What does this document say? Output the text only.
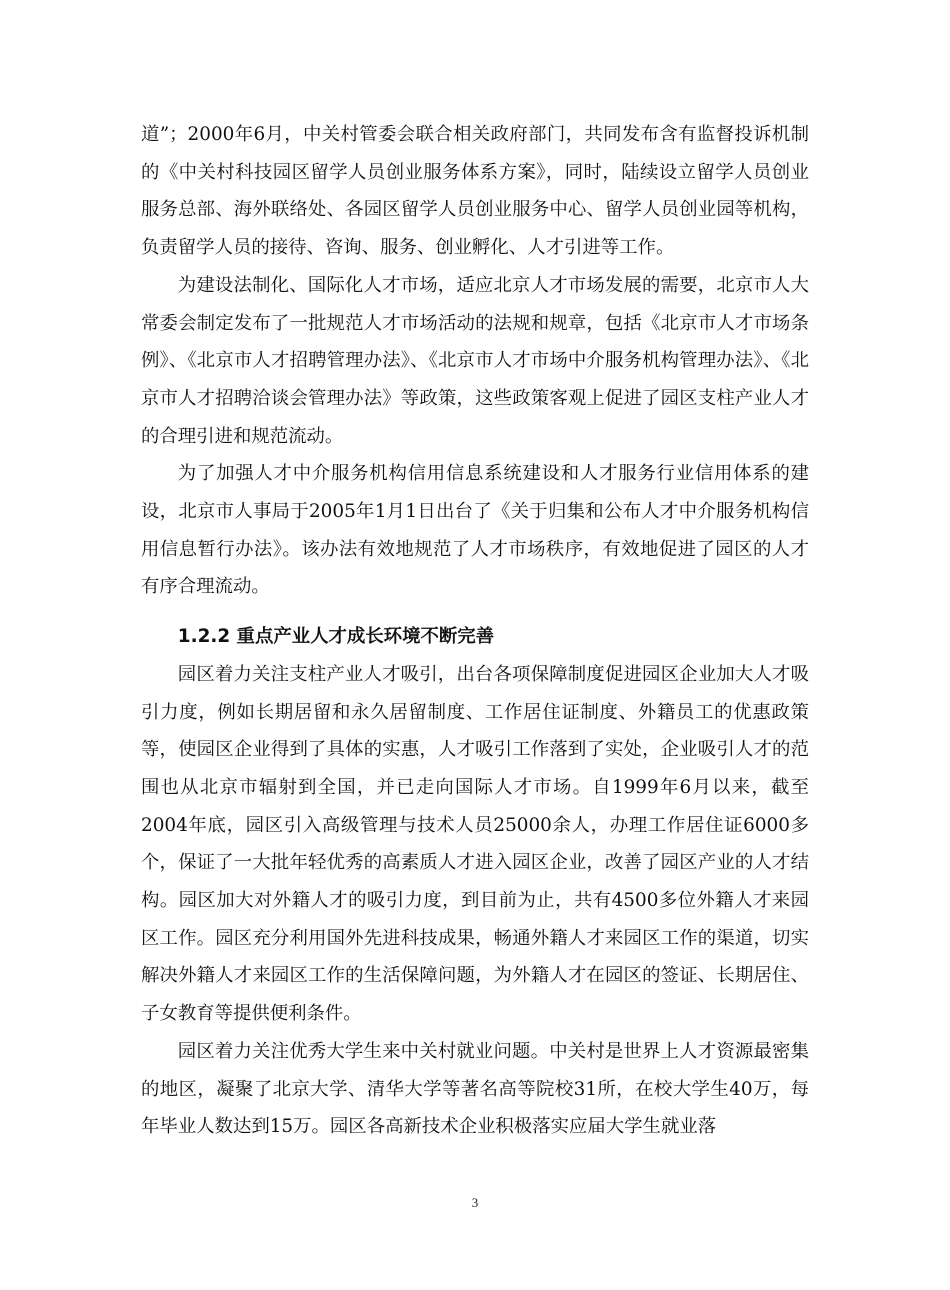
道”；2000年6月，中关村管委会联合相关政府部门，共同发布含有监督投诉机制的《中关村科技园区留学人员创业服务体系方案》，同时，陆续设立留学人员创业服务总部、海外联络处、各园区留学人员创业服务中心、留学人员创业园等机构，负责留学人员的接待、咨询、服务、创业孵化、人才引进等工作。

为建设法制化、国际化人才市场，适应北京人才市场发展的需要，北京市人大常委会制定发布了一批规范人才市场活动的法规和规章，包括《北京市人才市场条例》、《北京市人才招聘管理办法》、《北京市人才市场中介服务机构管理办法》、《北京市人才招聘洽谈会管理办法》等政策，这些政策客观上促进了园区支柱产业人才的合理引进和规范流动。

为了加强人才中介服务机构信用信息系统建设和人才服务行业信用体系的建设，北京市人事局于2005年1月1日出台了《关于归集和公布人才中介服务机构信用信息暂行办法》。该办法有效地规范了人才市场秩序，有效地促进了园区的人才有序合理流动。

1.2.2 重点产业人才成长环境不断完善

园区着力关注支柱产业人才吸引，出台各项保障制度促进园区企业加大人才吸引力度，例如长期居留和永久居留制度、工作居住证制度、外籍员工的优惠政策等，使园区企业得到了具体的实惠，人才吸引工作落到了实处，企业吸引人才的范围也从北京市辐射到全国，并已走向国际人才市场。自1999年6月以来，截至2004年底，园区引入高级管理与技术人员25000余人，办理工作居住证6000多个，保证了一大批年轻优秀的高素质人才进入园区企业，改善了园区产业的人才结构。园区加大对外籍人才的吸引力度，到目前为止，共有4500多位外籍人才来园区工作。园区充分利用国外先进科技成果，畅通外籍人才来园区工作的渠道，切实解决外籍人才来园区工作的生活保障问题，为外籍人才在园区的签证、长期居住、子女教育等提供便利条件。

园区着力关注优秀大学生来中关村就业问题。中关村是世界上人才资源最密集的地区，凝聚了北京大学、清华大学等著名高等院校31所，在校大学生40万，每年毕业人数达到15万。园区各高新技术企业积极落实应届大学生就业落

3
